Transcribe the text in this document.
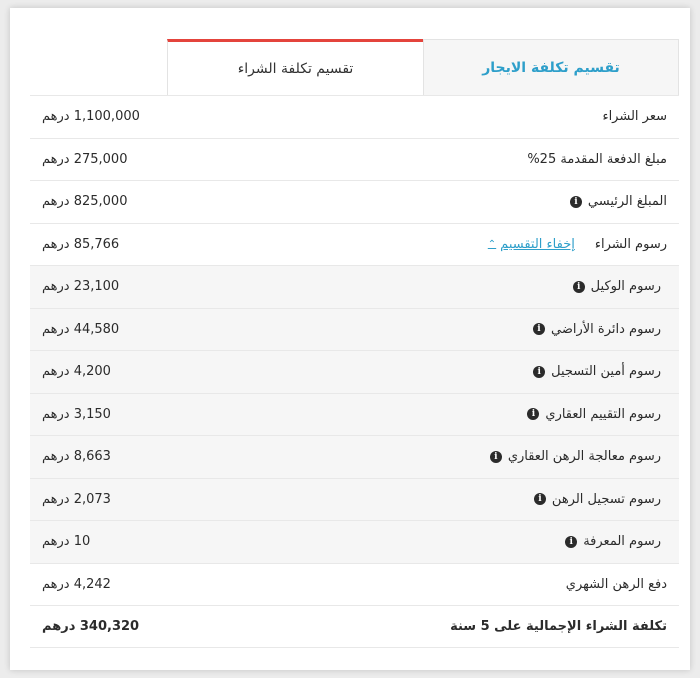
تقسيم تكلفة الايجار
تقسيم تكلفة الشراء
سعر الشراء
1,100,000 درهم
مبلغ الدفعة المقدمة 25%
275,000 درهم
المبلغ الرئيسي
i
825,000 درهم
رسوم الشراء
إخفاء التقسيم
⌃
85,766 درهم
رسوم الوكيل
i
23,100 درهم
رسوم دائرة الأراضي
i
44,580 درهم
رسوم أمين التسجيل
i
4,200 درهم
رسوم التقييم العقاري
i
3,150 درهم
رسوم معالجة الرهن العقاري
i
8,663 درهم
رسوم تسجيل الرهن
i
2,073 درهم
رسوم المعرفة
i
10 درهم
دفع الرهن الشهري
4,242 درهم
تكلفة الشراء الإجمالية على 5 سنة
340,320 درهم
